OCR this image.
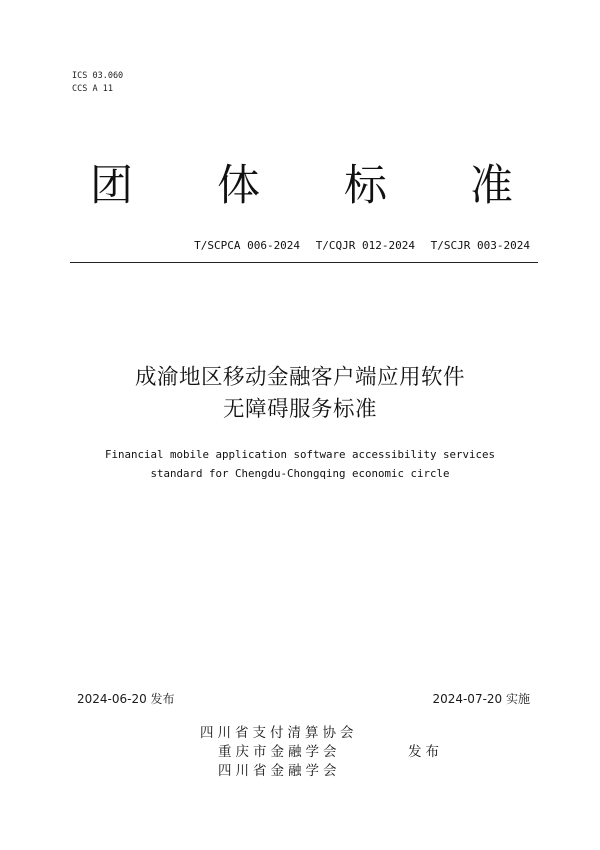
ICS 03.060
CCS A 11
团 体 标 准
T/SCPCA 006-2024 T/CQJR 012-2024 T/SCJR 003-2024
成渝地区移动金融客户端应用软件
无障碍服务标准
Financial mobile application software accessibility services
standard for Chengdu-Chongqing economic circle
2024-06-20 发布	2024-07-20 实施
四川省支付清算协会
重庆市金融学会
四川省金融学会
发布
